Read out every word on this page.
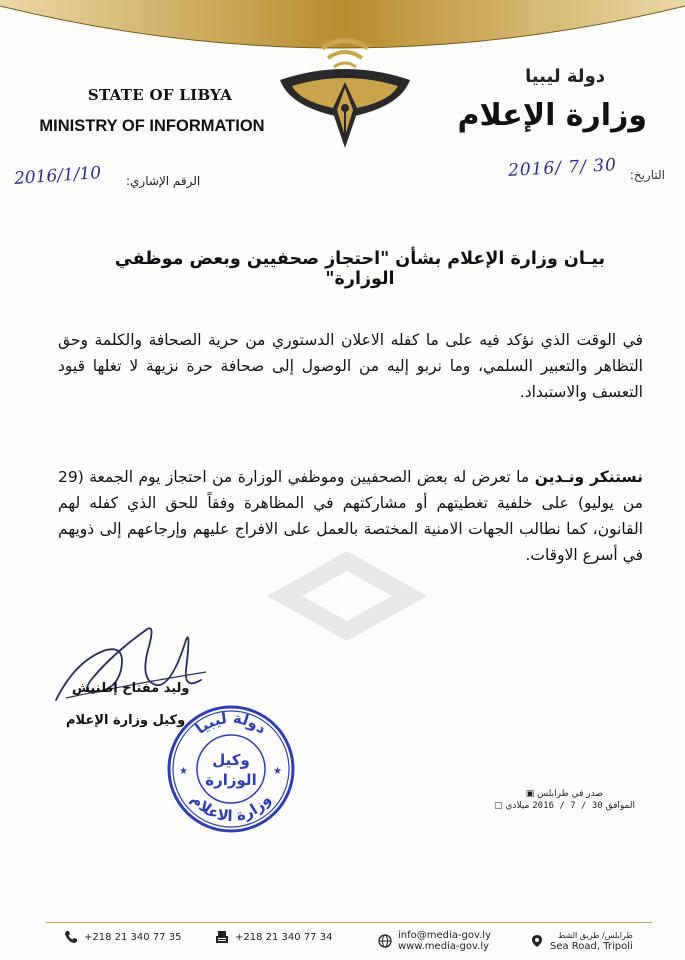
STATE OF LIBYA
MINISTRY OF INFORMATION
دولة ليبيا
وزارة الإعلام
الرقم الإشاري:
2016/1/10	التاريخ:
2016/ 7/ 30
بيـان وزارة الإعلام بشأن "احتجاز صحفيين وبعض موظفي الوزارة"
في الوقت الذي نؤكد فيه على ما كفله الاعلان الدستوري من حرية الصحافة والكلمة وحق التظاهر والتعبير السلمي، وما نربو إليه من الوصول إلى صحافة حرة نزيهة لا تغلها قيود التعسف والاستبداد.
نستنكر ونـدين ما تعرض له بعض الصحفيين وموظفي الوزارة من احتجاز يوم الجمعة (29 من يوليو) على خلفية تغطيتهم أو مشاركتهم في المظاهرة وفقاً للحق الذي كفله لهم القانون، كما نطالب الجهات الامنية المختصة بالعمل على الافراج عليهم وإرجاعهم إلى ذويهم في أسرع الاوقات.
وليد مفتاح إطنيش
وكيل وزارة الإعلام دولة ليبيا
وزارة الاعلام
وكيل
الوزارة
★	★
صدر في طرابلس ▣
الموافق 30 / 7 / 2016 ميلادي ▢
+218 21 340 77 35	+218 21 340 77 34	info@media-gov.ly
www.media-gov.ly
طرابلس/ طريق الشط
Sea Road, Tripoli
